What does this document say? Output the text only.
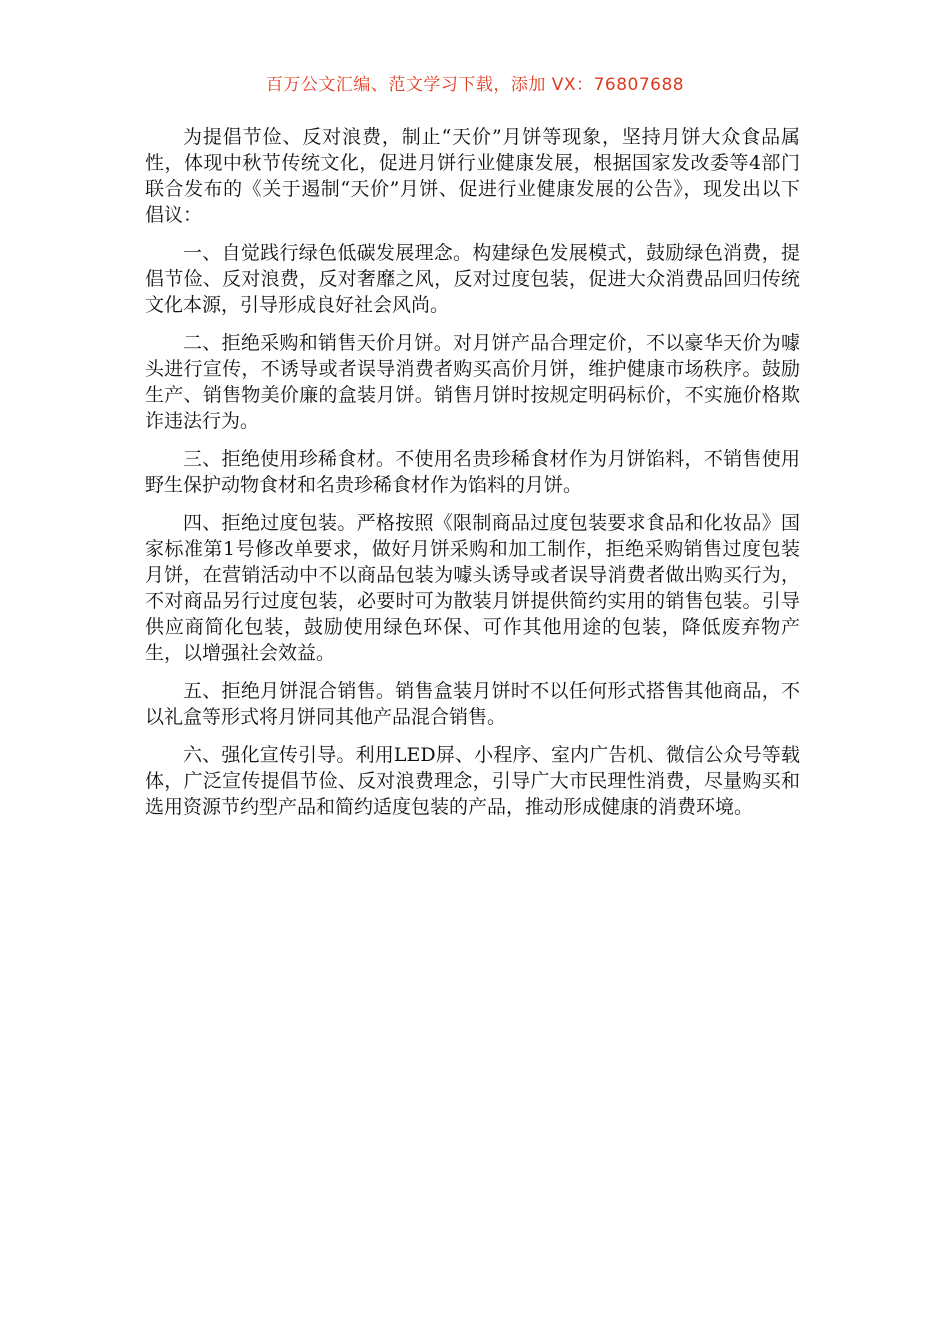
百万公文汇编、范文学习下载，添加 VX：76807688

为提倡节俭、反对浪费，制止“天价”月饼等现象，坚持月饼大众食品属性，体现中秋节传统文化，促进月饼行业健康发展，根据国家发改委等4部门联合发布的《关于遏制“天价”月饼、促进行业健康发展的公告》，现发出以下倡议：

一、自觉践行绿色低碳发展理念。构建绿色发展模式，鼓励绿色消费，提倡节俭、反对浪费，反对奢靡之风，反对过度包装，促进大众消费品回归传统文化本源，引导形成良好社会风尚。

二、拒绝采购和销售天价月饼。对月饼产品合理定价，不以豪华天价为噱头进行宣传，不诱导或者误导消费者购买高价月饼，维护健康市场秩序。鼓励生产、销售物美价廉的盒装月饼。销售月饼时按规定明码标价，不实施价格欺诈违法行为。

三、拒绝使用珍稀食材。不使用名贵珍稀食材作为月饼馅料，不销售使用野生保护动物食材和名贵珍稀食材作为馅料的月饼。

四、拒绝过度包装。严格按照《限制商品过度包装要求食品和化妆品》国家标准第1号修改单要求，做好月饼采购和加工制作，拒绝采购销售过度包装月饼，在营销活动中不以商品包装为噱头诱导或者误导消费者做出购买行为，不对商品另行过度包装，必要时可为散装月饼提供简约实用的销售包装。引导供应商简化包装，鼓励使用绿色环保、可作其他用途的包装，降低废弃物产生，以增强社会效益。

五、拒绝月饼混合销售。销售盒装月饼时不以任何形式搭售其他商品，不以礼盒等形式将月饼同其他产品混合销售。

六、强化宣传引导。利用LED屏、小程序、室内广告机、微信公众号等载体，广泛宣传提倡节俭、反对浪费理念，引导广大市民理性消费，尽量购买和选用资源节约型产品和简约适度包装的产品，推动形成健康的消费环境。
